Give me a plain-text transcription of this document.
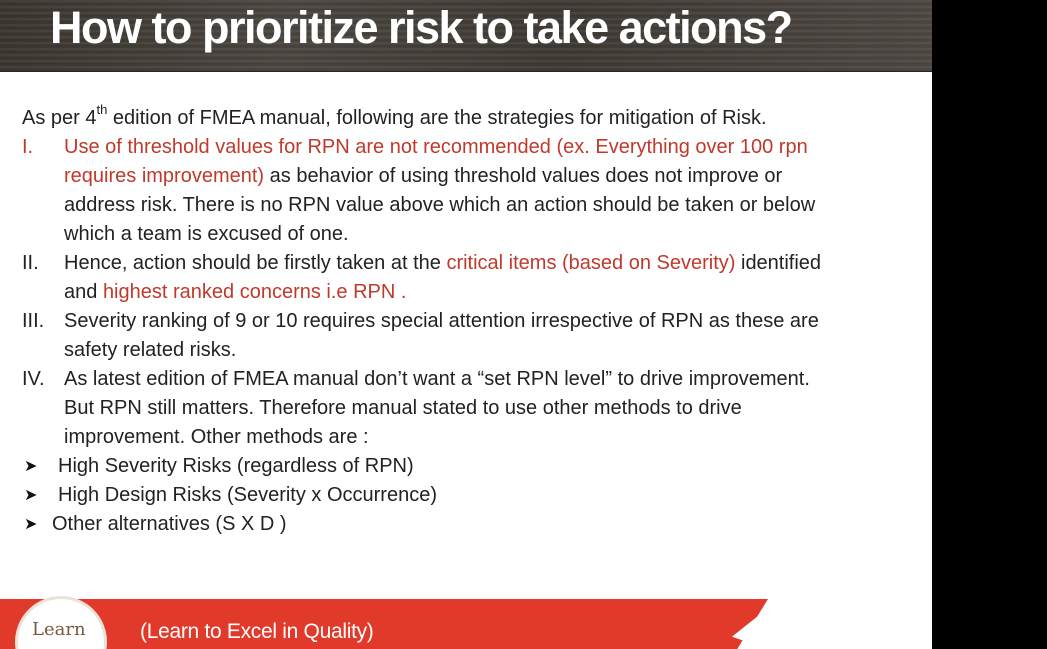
How to prioritize risk to take actions?

As per 4th edition of FMEA manual, following are the strategies for mitigation of Risk.

I. Use of threshold values for RPN are not recommended (ex. Everything over 100 rpn requires improvement) as behavior of using threshold values does not improve or address risk. There is no RPN value above which an action should be taken or below which a team is excused of one.
II. Hence, action should be firstly taken at the critical items (based on Severity) identified and highest ranked concerns i.e RPN .
III. Severity ranking of 9 or 10 requires special attention irrespective of RPN as these are safety related risks.
IV. As latest edition of FMEA manual don’t want a “set RPN level” to drive improvement. But RPN still matters. Therefore manual stated to use other methods to drive improvement. Other methods are :
➤ High Severity Risks (regardless of RPN)
➤ High Design Risks (Severity x Occurrence)
➤ Other alternatives (S X D )
Learn	(Learn to Excel in Quality)
